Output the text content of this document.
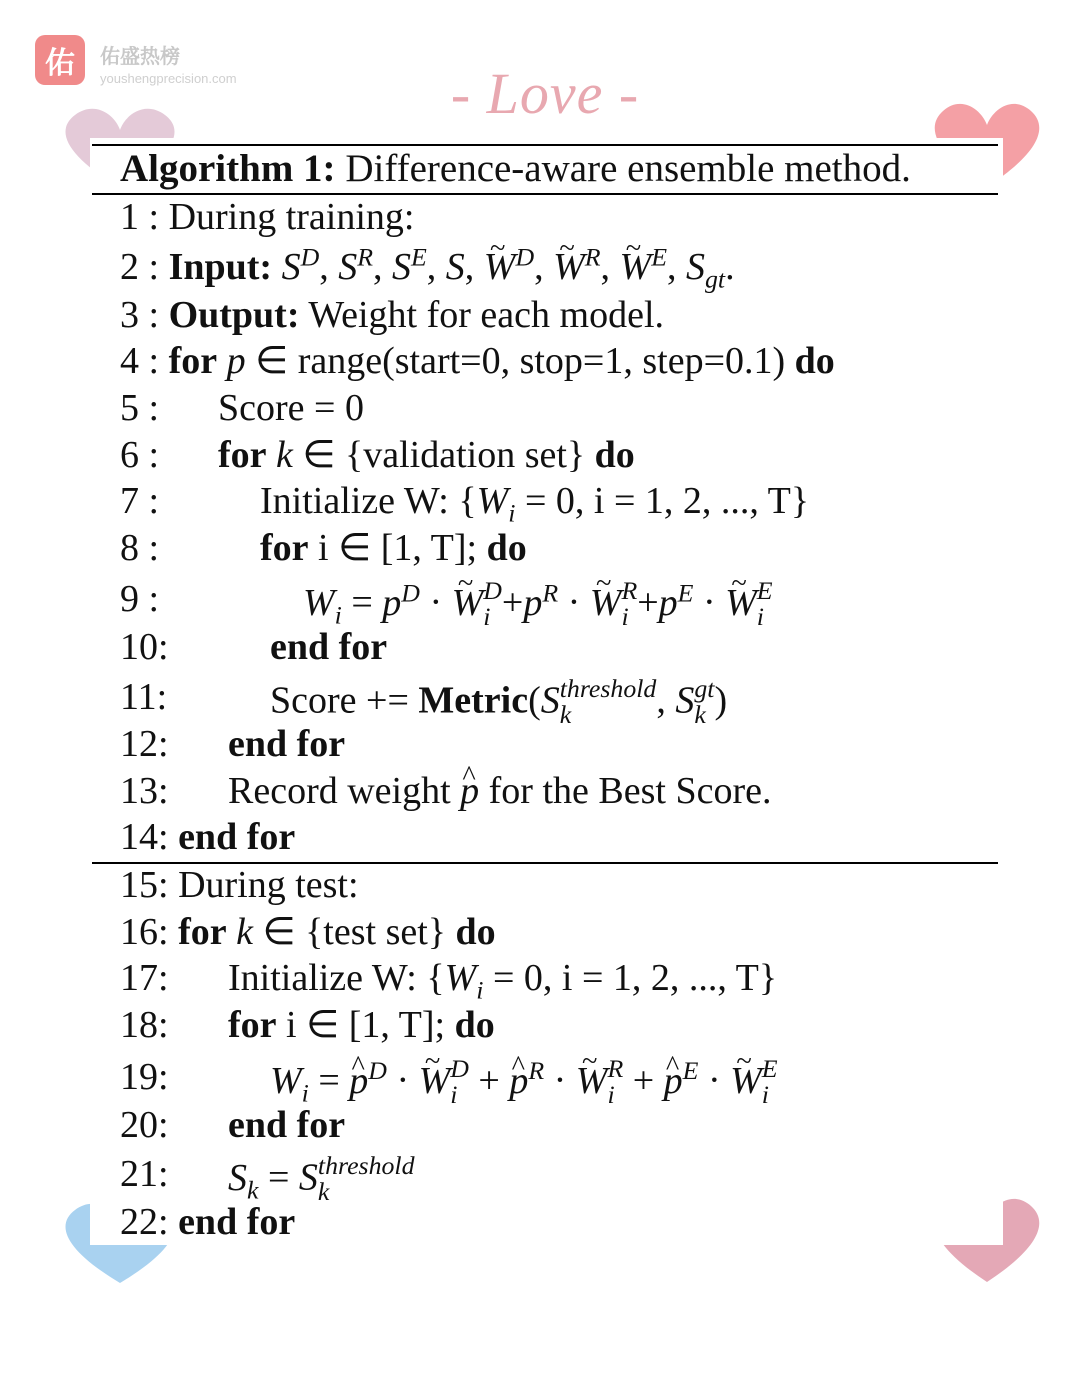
佑	佑盛热榜
youshengprecision.com	- Love -
Algorithm 1: Difference-aware ensemble method.
1 : During training:
2 : Input: $S^D$, $S^R$, $S^E$, S, ~ $W^D$, ~ $W^R$, ~ $W^E$, $S_{gt}$.
3 : Output: Weight for each model.
4 : for p ∈ range(start=0, stop=1, step=0.1) do
5 : Score = 0
6 : for k ∈ {validation set} do
7 :	Initialize W: {$W_i = 0$, i = 1, 2, ..., T}
8 :	for i ∈ [1, T]; do
9 :	$W_i = p^D$ · ~ W D
$i +p^R$ · ~ W R
$i +p^E$ · ~ W E
i
10:	end for
11:	Score += Metric(S threshold
k	, S gt
k )
12: end for
13: Record weight ^ p for the Best Score.
14: end for
15: During test:
16: for k ∈ {test set} do
17: Initialize W: {$W_i = 0$, i = 1, 2, ..., T}
18: for i ∈ [1, T]; do
19:	$W_i$ = ^ $p^D$ · ~ W D
i + ^ $p^R$ · ~ W R
i + ^ $p^E$ · ~ W E
i
20: end for
21: $S_k = S$ threshold
k
22: end for
